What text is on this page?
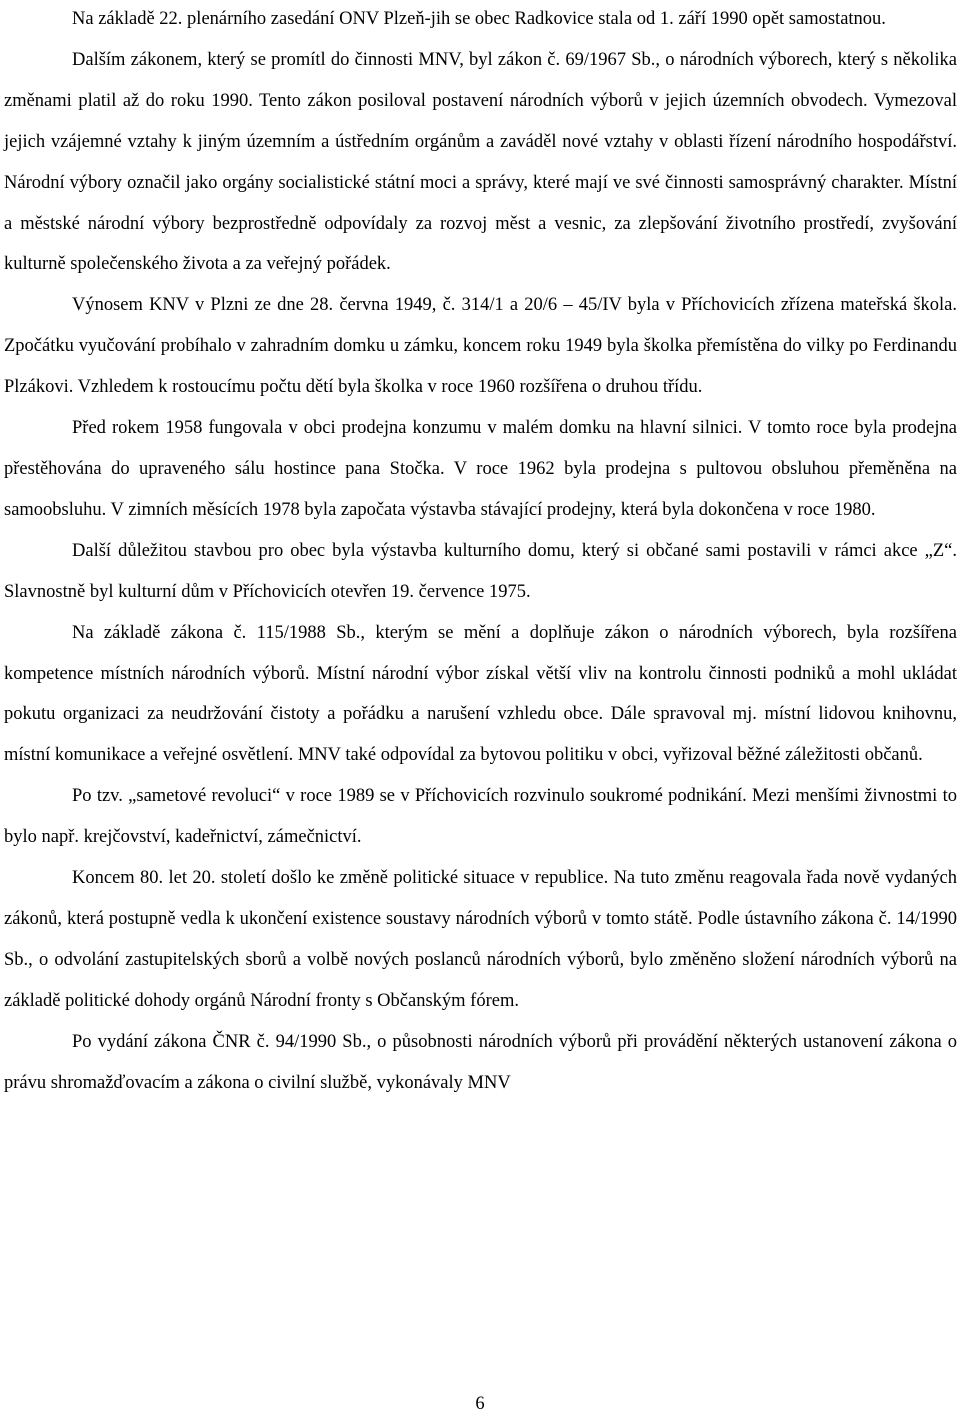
Na základě 22. plenárního zasedání ONV Plzeň-jih se obec Radkovice stala od 1. září 1990 opět samostatnou.

Dalším zákonem, který se promítl do činnosti MNV, byl zákon č. 69/1967 Sb., o národních výborech, který s několika změnami platil až do roku 1990. Tento zákon posiloval postavení národních výborů v jejich územních obvodech. Vymezoval jejich vzájemné vztahy k jiným územním a ústředním orgánům a zaváděl nové vztahy v oblasti řízení národního hospodářství. Národní výbory označil jako orgány socialistické státní moci a správy, které mají ve své činnosti samosprávný charakter. Místní a městské národní výbory bezprostředně odpovídaly za rozvoj měst a vesnic, za zlepšování životního prostředí, zvyšování kulturně společenského života a za veřejný pořádek.

Výnosem KNV v Plzni ze dne 28. června 1949, č. 314/1 a 20/6 – 45/IV byla v Příchovicích zřízena mateřská škola. Zpočátku vyučování probíhalo v zahradním domku u zámku, koncem roku 1949 byla školka přemístěna do vilky po Ferdinandu Plzákovi. Vzhledem k rostoucímu počtu dětí byla školka v roce 1960 rozšířena o druhou třídu.

Před rokem 1958 fungovala v obci prodejna konzumu v malém domku na hlavní silnici. V tomto roce byla prodejna přestěhována do upraveného sálu hostince pana Stočka. V roce 1962 byla prodejna s pultovou obsluhou přeměněna na samoobsluhu. V zimních měsících 1978 byla započata výstavba stávající prodejny, která byla dokončena v roce 1980.

Další důležitou stavbou pro obec byla výstavba kulturního domu, který si občané sami postavili v rámci akce „Z“. Slavnostně byl kulturní dům v Příchovicích otevřen 19. července 1975.

Na základě zákona č. 115/1988 Sb., kterým se mění a doplňuje zákon o národních výborech, byla rozšířena kompetence místních národních výborů. Místní národní výbor získal větší vliv na kontrolu činnosti podniků a mohl ukládat pokutu organizaci za neudržování čistoty a pořádku a narušení vzhledu obce. Dále spravoval mj. místní lidovou knihovnu, místní komunikace a veřejné osvětlení. MNV také odpovídal za bytovou politiku v obci, vyřizoval běžné záležitosti občanů.

Po tzv. „sametové revoluci“ v roce 1989 se v Příchovicích rozvinulo soukromé podnikání. Mezi menšími živnostmi to bylo např. krejčovství, kadeřnictví, zámečnictví.

Koncem 80. let 20. století došlo ke změně politické situace v republice. Na tuto změnu reagovala řada nově vydaných zákonů, která postupně vedla k ukončení existence soustavy národních výborů v tomto státě. Podle ústavního zákona č. 14/1990 Sb., o odvolání zastupitelských sborů a volbě nových poslanců národních výborů, bylo změněno složení národních výborů na základě politické dohody orgánů Národní fronty s Občanským fórem.

Po vydání zákona ČNR č. 94/1990 Sb., o působnosti národních výborů při provádění některých ustanovení zákona o právu shromažďovacím a zákona o civilní službě, vykonávaly MNV

6
